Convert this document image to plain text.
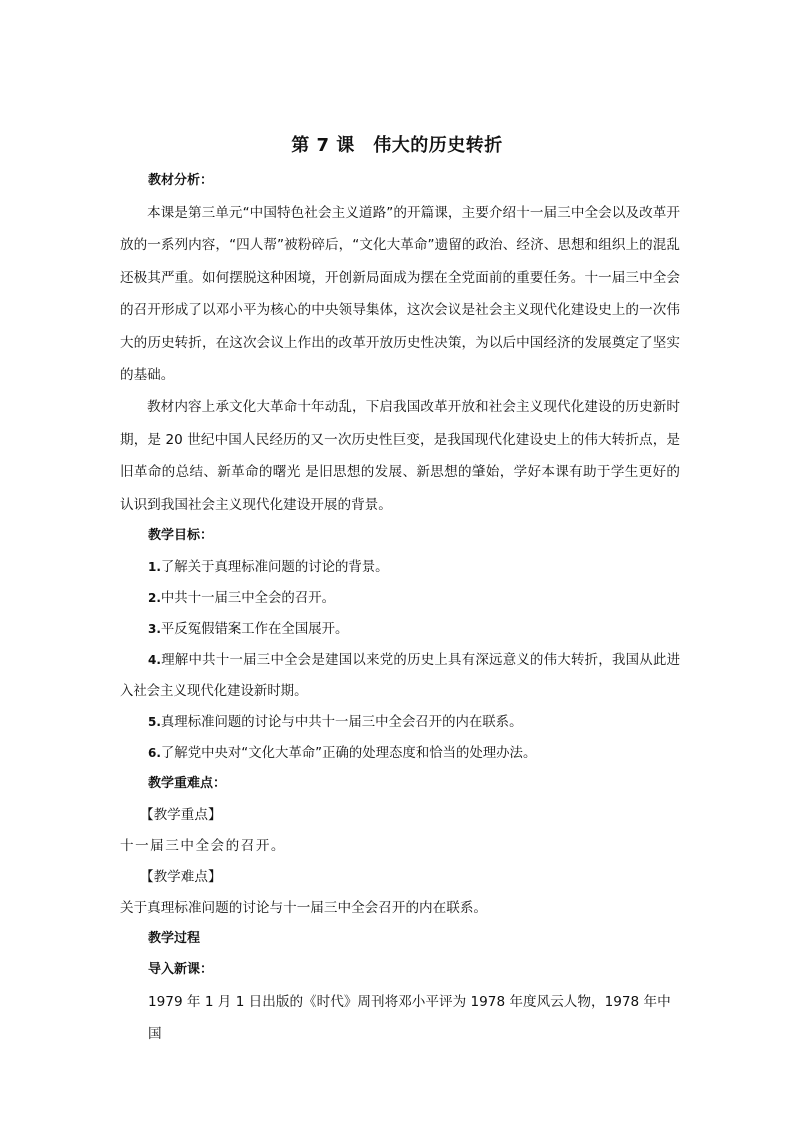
第 7 课　伟大的历史转折
教材分析：

本课是第三单元“中国特色社会主义道路”的开篇课，主要介绍十一届三中全会以及改革开放的一系列内容，“四人帮”被粉碎后，“文化大革命”遗留的政治、经济、思想和组织上的混乱还极其严重。如何摆脱这种困境，开创新局面成为摆在全党面前的重要任务。十一届三中全会的召开形成了以邓小平为核心的中央领导集体，这次会议是社会主义现代化建设史上的一次伟大的历史转折，在这次会议上作出的改革开放历史性决策，为以后中国经济的发展奠定了坚实的基础。

教材内容上承文化大革命十年动乱，下启我国改革开放和社会主义现代化建设的历史新时期，是 20 世纪中国人民经历的又一次历史性巨变，是我国现代化建设史上的伟大转折点，是旧革命的总结、新革命的曙光 是旧思想的发展、新思想的肇始，学好本课有助于学生更好的认识到我国社会主义现代化建设开展的背景。

教学目标：
1.了解关于真理标准问题的讨论的背景。
2.中共十一届三中全会的召开。
3.平反冤假错案工作在全国展开。
4.理解中共十一届三中全会是建国以来党的历史上具有深远意义的伟大转折，我国从此进入社会主义现代化建设新时期。
5.真理标准问题的讨论与中共十一届三中全会召开的内在联系。
6.了解党中央对“文化大革命”正确的处理态度和恰当的处理办法。
教学重难点：
【教学重点】
十一届三中全会的召开。
【教学难点】
关于真理标准问题的讨论与十一届三中全会召开的内在联系。
教学过程
导入新课：
1979 年 1 月 1 日出版的《时代》周刊将邓小平评为 1978 年度风云人物，1978 年中国
